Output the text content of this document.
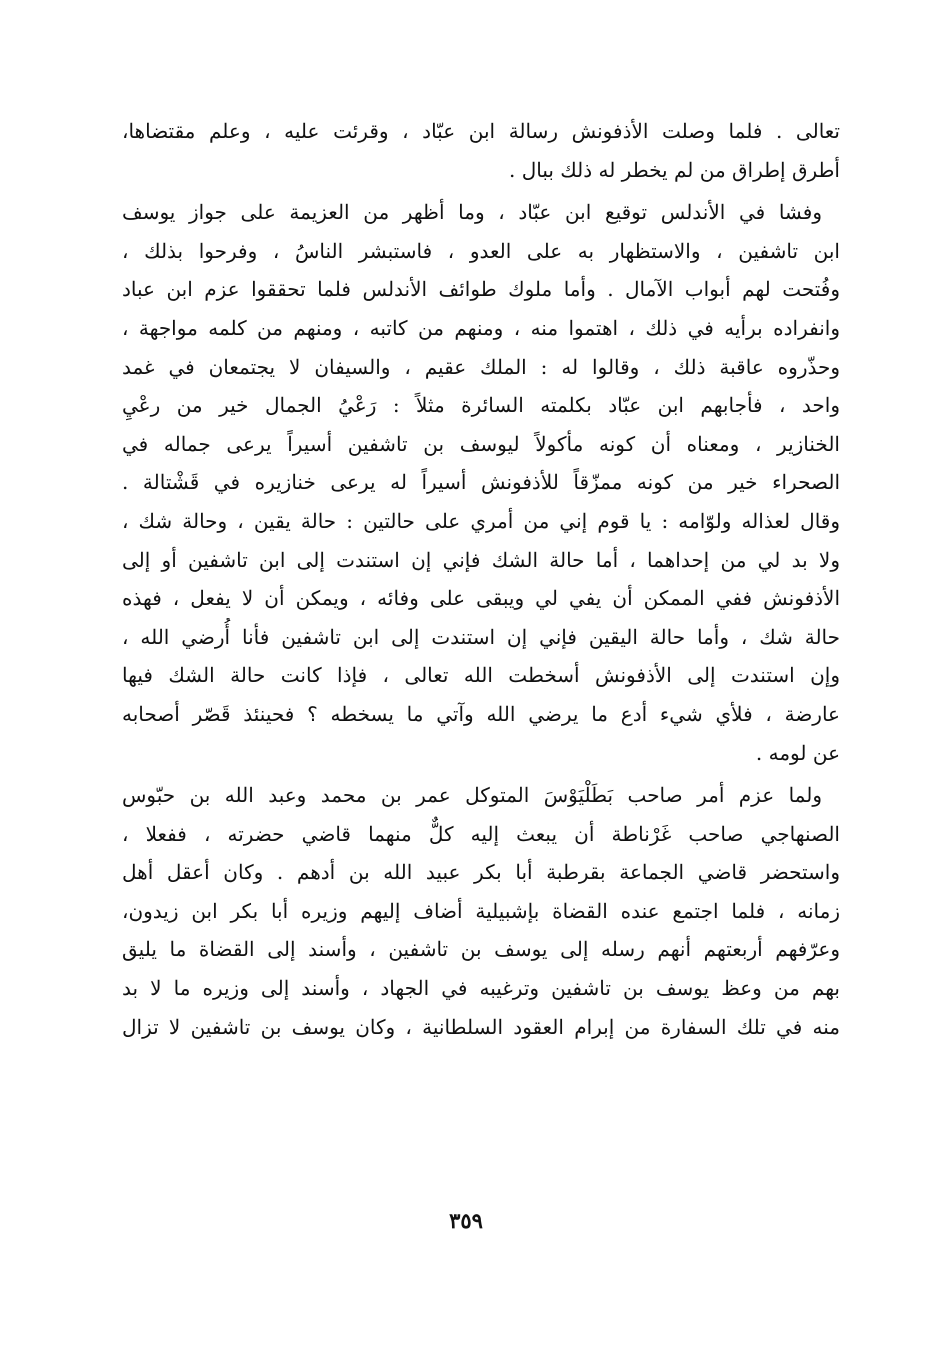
تعالى . فلما وصلت الأذفونش رسالة ابن عبّاد ، وقرئت عليه ، وعلم مقتضاها،
أطرق إطراق من لم يخطر له ذلك ببال .
وفشا في الأندلس توقيع ابن عبّاد ، وما أظهر من العزيمة على جواز يوسف
ابن تاشفين ، والاستظهار به على العدو ، فاستبشر الناسُ ، وفرحوا بذلك ،
وفُتحت لهم أبواب الآمال . وأما ملوك طوائف الأندلس فلما تحققوا عزم ابن عباد
وانفراده برأيه في ذلك ، اهتموا منه ، ومنهم من كاتبه ، ومنهم من كلمه مواجهة ،
وحذّروه عاقبة ذلك ، وقالوا له : الملك عقيم ، والسيفان لا يجتمعان في غمد
واحد ، فأجابهم ابن عبّاد بكلمته السائرة مثلاً : رَعْيُ الجمال خير من رعْيِ
الخنازير ، ومعناه أن كونه مأكولاً ليوسف بن تاشفين أسيراً يرعى جماله في
الصحراء خير من كونه ممزّقاً للأذفونش أسيراً له يرعى خنازيره في قَشْتالة .
وقال لعذاله ولوّامه : يا قوم إني من أمري على حالتين : حالة يقين ، وحالة شك ،
ولا بد لي من إحداهما ، أما حالة الشك فإني إن استندت إلى ابن تاشفين أو إلى
الأذفونش ففي الممكن أن يفي لي ويبقى على وفائه ، ويمكن أن لا يفعل ، فهذه
حالة شك ، وأما حالة اليقين فإني إن استندت إلى ابن تاشفين فأنا أُرضي الله ،
وإن استندت إلى الأذفونش أسخطت الله تعالى ، فإذا كانت حالة الشك فيها
عارضة ، فلأي شيء أدع ما يرضي الله وآتي ما يسخطه ؟ فحينئذ قَصّر أصحابه
عن لومه .
ولما عزم أمر صاحب بَطَلْيَوْسَ المتوكل عمر بن محمد وعبد الله بن حبّوس
الصنهاجي صاحب غَرْناطة أن يبعث إليه كلٌّ منهما قاضي حضرته ، ففعلا ،
واستحضر قاضي الجماعة بقرطبة أبا بكر عبيد الله بن أدهم . وكان أعقل أهل
زمانه ، فلما اجتمع عنده القضاة بإشبيلية أضاف إليهم وزيره أبا بكر ابن زيدون،
وعرّفهم أربعتهم أنهم رسله إلى يوسف بن تاشفين ، وأسند إلى القضاة ما يليق
بهم من وعظ يوسف بن تاشفين وترغيبه في الجهاد ، وأسند إلى وزيره ما لا بد
منه في تلك السفارة من إبرام العقود السلطانية ، وكان يوسف بن تاشفين لا تزال
٣٥٩
